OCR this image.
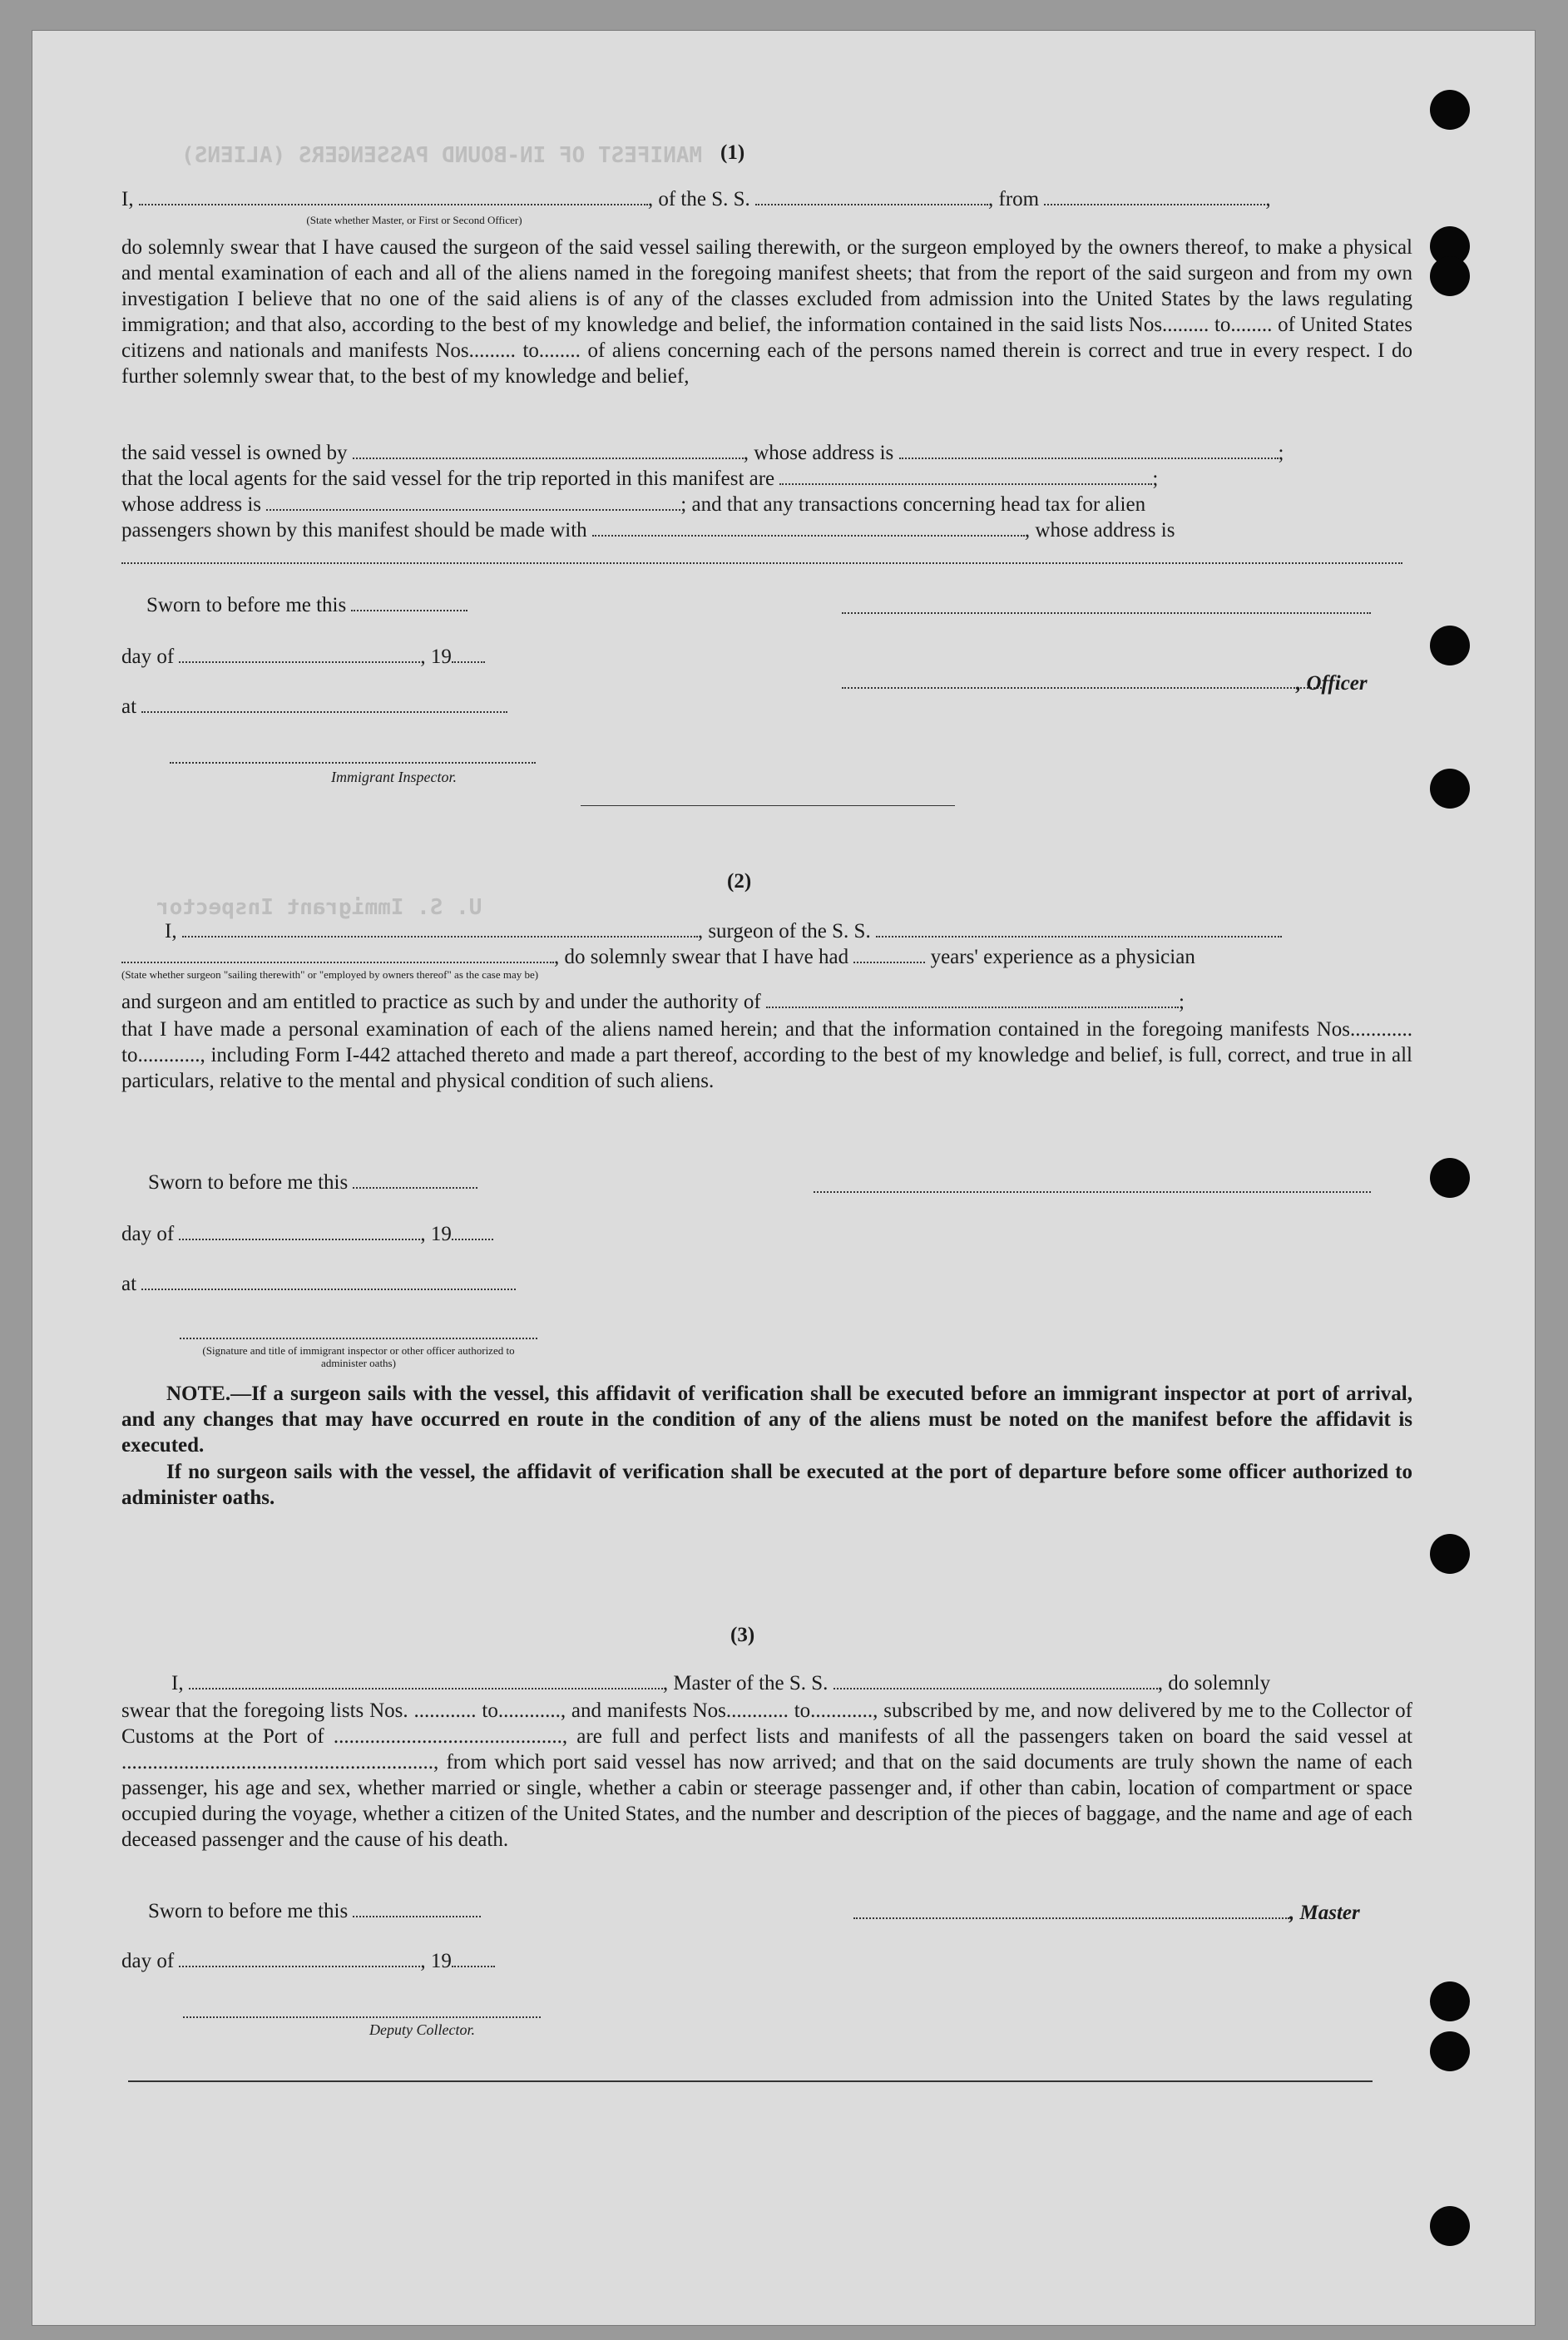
MANIFEST OF IN-BOUND PASSENGERS (ALIENS)
U. S. Immigrant Inspector
(1)
I,	, of the S. S.	, from	,
(State whether Master, or First or Second Officer)
do solemnly swear that I have caused the surgeon of the said vessel sailing therewith, or the surgeon employed by the owners thereof, to make a physical and mental examination of each and all of the aliens named in the foregoing manifest sheets; that from the report of the said surgeon and from my own investigation I believe that no one of the said aliens is of any of the classes excluded from admission into the United States by the laws regulating immigration; and that also, according to the best of my knowledge and belief, the information contained in the said lists Nos......... to........ of United States citizens and nationals and manifests Nos......... to........ of aliens concerning each of the persons named therein is correct and true in every respect. I do further solemnly swear that, to the best of my knowledge and belief,
the said vessel is owned by	, whose address is	;
that the local agents for the said vessel for the trip reported in this manifest are	;
whose address is	; and that any transactions concerning head tax for alien
passengers shown by this manifest should be made with	, whose address is
Sworn to before me this
day of	, 19
at
Immigrant Inspector.
, Officer
(2)
I,	, surgeon of the S. S.
, do solemnly swear that I have had	years' experience as a physician
(State whether surgeon "sailing therewith" or "employed by owners thereof" as the case may be)
and surgeon and am entitled to practice as such by and under the authority of	;
that I have made a personal examination of each of the aliens named herein; and that the information contained in the foregoing manifests Nos............ to............, including Form I-442 attached thereto and made a part thereof, according to the best of my knowledge and belief, is full, correct, and true in all particulars, relative to the mental and physical condition of such aliens.
Sworn to before me this
day of	, 19
at
(Signature and title of immigrant inspector or other officer authorized to administer oaths)
NOTE.—If a surgeon sails with the vessel, this affidavit of verification shall be executed before an immigrant inspector at port of arrival, and any changes that may have occurred en route in the condition of any of the aliens must be noted on the manifest before the affidavit is executed.
If no surgeon sails with the vessel, the affidavit of verification shall be executed at the port of departure before some officer authorized to administer oaths.
(3)
I,	, Master of the S. S.	, do solemnly
swear that the foregoing lists Nos. ............ to............, and manifests Nos............ to............, subscribed by me, and now delivered by me to the Collector of Customs at the Port of ............................................, are full and perfect lists and manifests of all the passengers taken on board the said vessel at ............................................................, from which port said vessel has now arrived; and that on the said documents are truly shown the name of each passenger, his age and sex, whether married or single, whether a cabin or steerage passenger and, if other than cabin, location of compartment or space occupied during the voyage, whether a citizen of the United States, and the number and description of the pieces of baggage, and the name and age of each deceased passenger and the cause of his death.
Sworn to before me this	, Master
day of	, 19
Deputy Collector.
